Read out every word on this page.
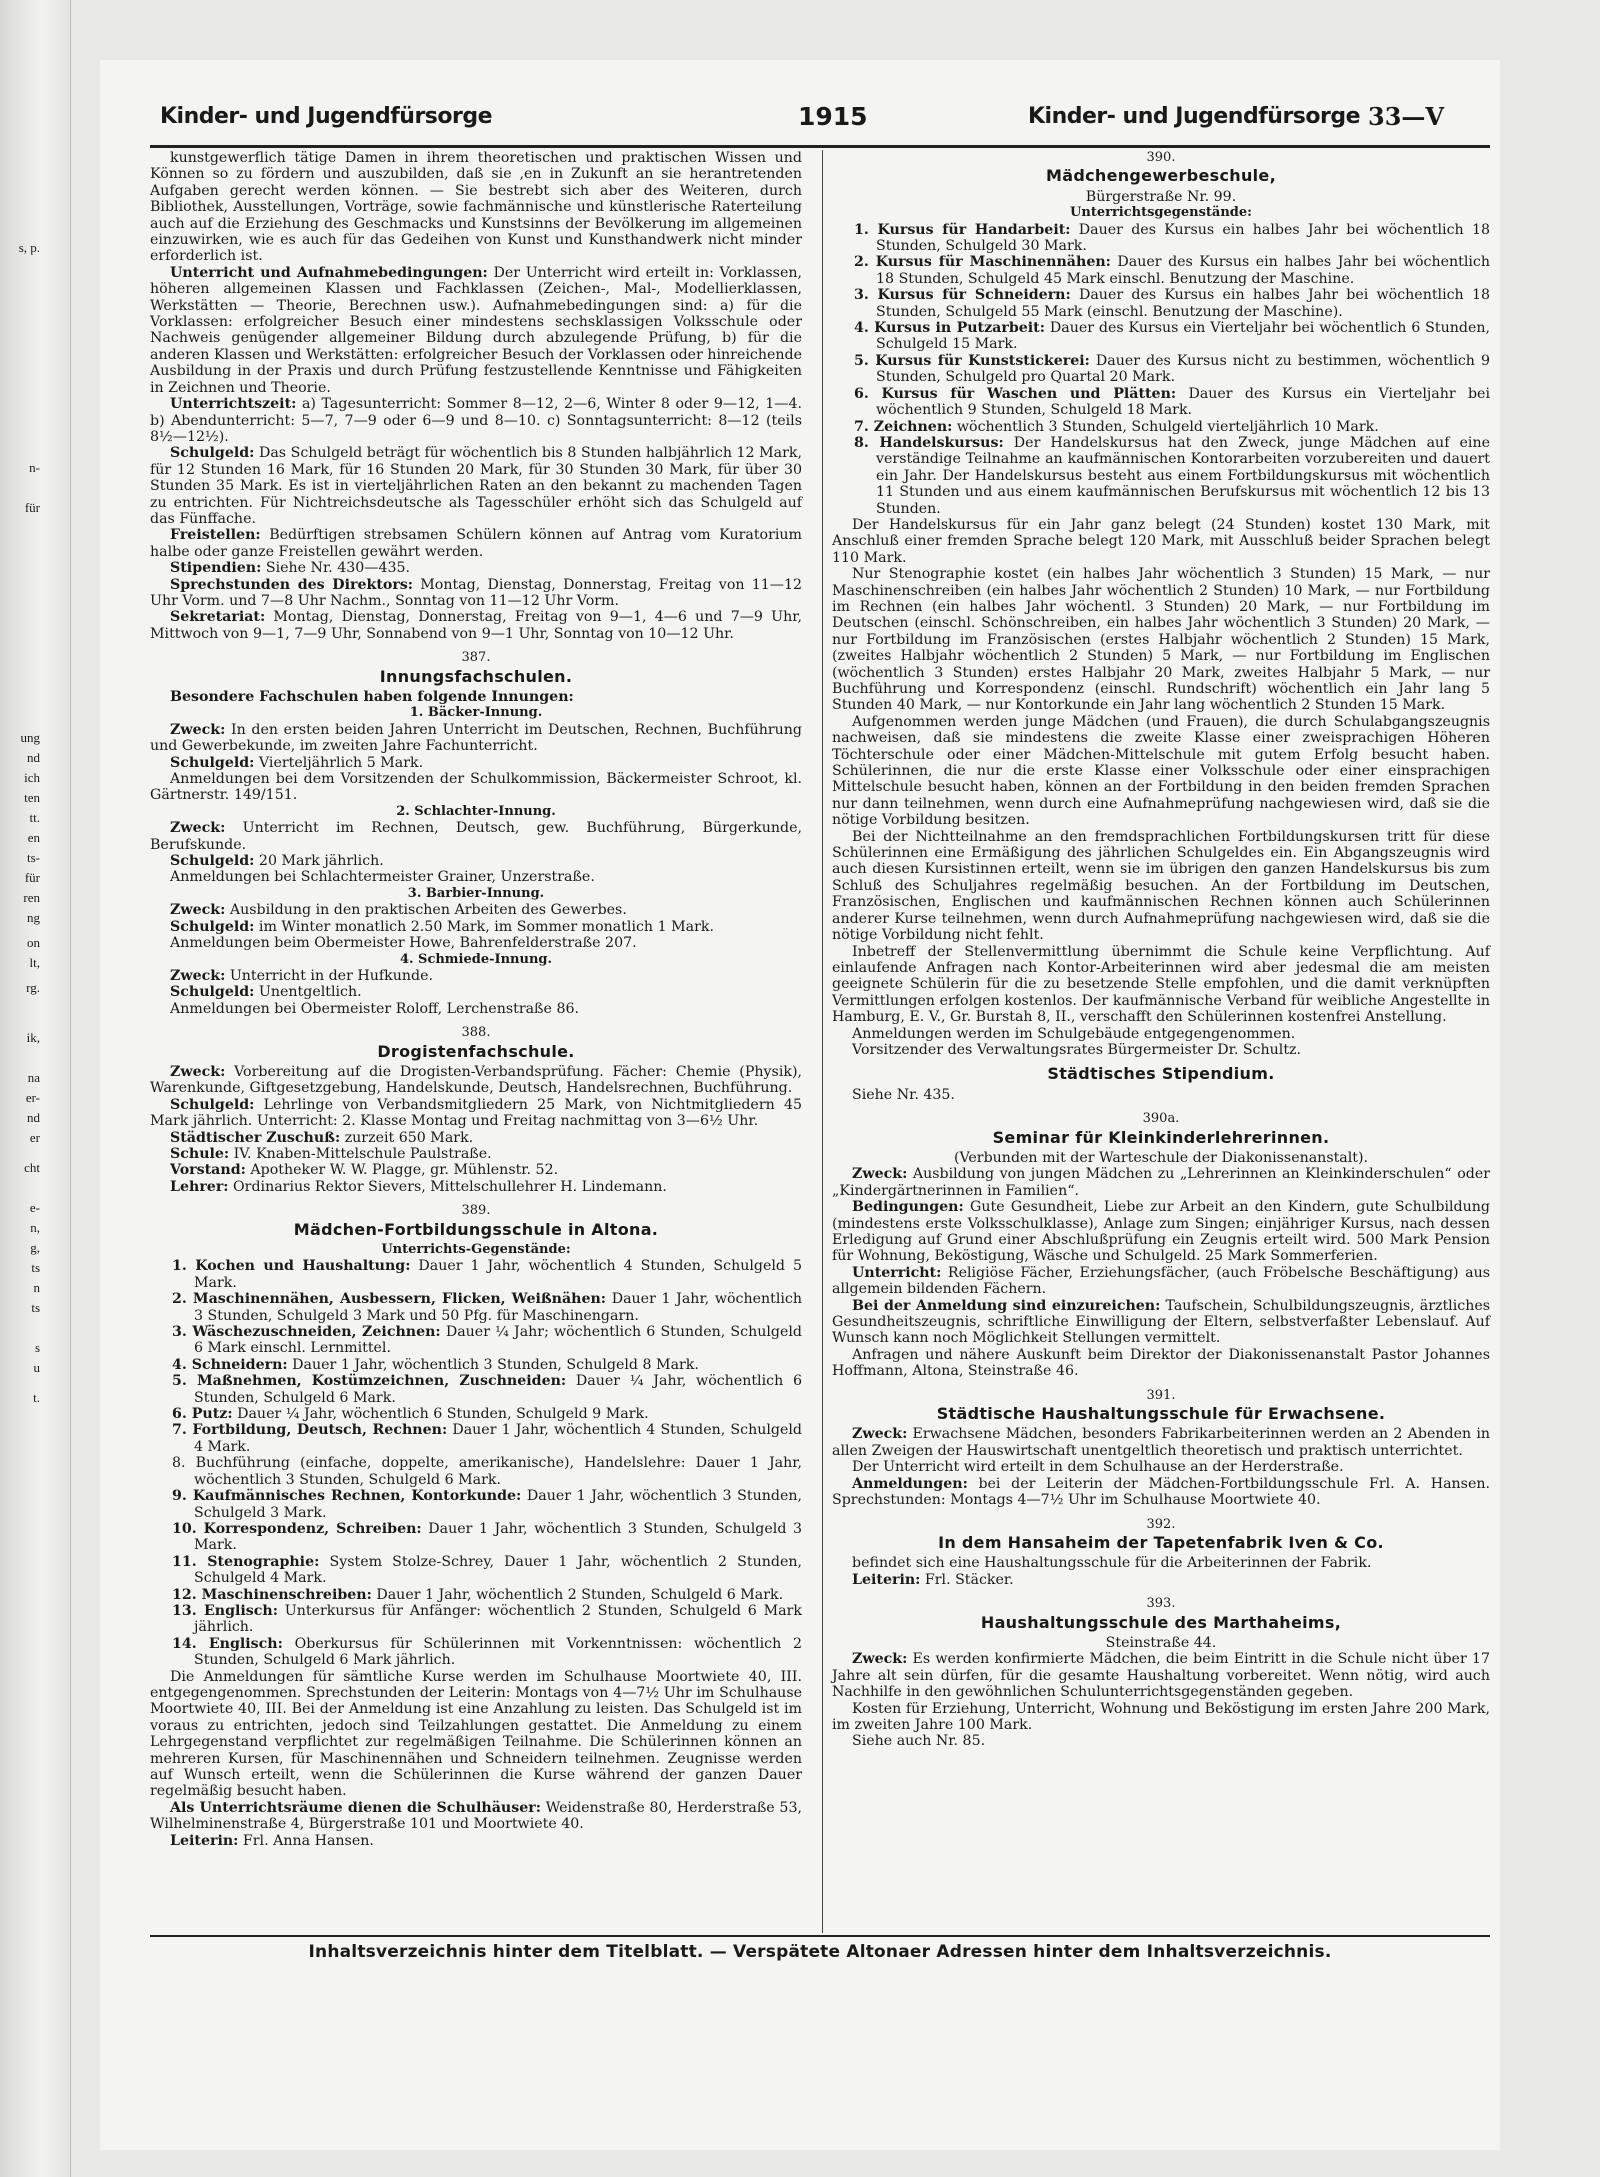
s, p.
n-
für
ung
nd
ich
ten
tt.
en
ts-
für
ren
ng
on
lt,
rg.
ik,
na
er-
nd
er
cht
e-
n,
g,
ts
n
ts
s
u
t.
Kinder- und Jugendfürsorge	1915	Kinder- und Jugendfürsorge 33—V

kunstgewerflich tätige Damen in ihrem theoretischen und praktischen Wissen und Können so zu fördern und auszubilden, daß sie ,en in Zukunft an sie herantretenden Aufgaben gerecht werden können. — Sie bestrebt sich aber des Weiteren, durch Bibliothek, Ausstellungen, Vorträge, sowie fachmännische und künstlerische Raterteilung auch auf die Erziehung des Geschmacks und Kunstsinns der Bevölkerung im allgemeinen einzuwirken, wie es auch für das Gedeihen von Kunst und Kunsthandwerk nicht minder erforderlich ist.

Unterricht und Aufnahmebedingungen: Der Unterricht wird erteilt in: Vorklassen, höheren allgemeinen Klassen und Fachklassen (Zeichen-, Mal-, Modellierklassen, Werkstätten — Theorie, Berechnen usw.). Aufnahmebedingungen sind: a) für die Vorklassen: erfolgreicher Besuch einer mindestens sechsklassigen Volksschule oder Nachweis genügender allgemeiner Bildung durch abzulegende Prüfung, b) für die anderen Klassen und Werkstätten: erfolgreicher Besuch der Vorklassen oder hinreichende Ausbildung in der Praxis und durch Prüfung festzustellende Kenntnisse und Fähigkeiten in Zeichnen und Theorie.

Unterrichtszeit: a) Tagesunterricht: Sommer 8—12, 2—6, Winter 8 oder 9—12, 1—4. b) Abendunterricht: 5—7, 7—9 oder 6—9 und 8—10. c) Sonntagsunterricht: 8—12 (teils 8½—12½).

Schulgeld: Das Schulgeld beträgt für wöchentlich bis 8 Stunden halbjährlich 12 Mark, für 12 Stunden 16 Mark, für 16 Stunden 20 Mark, für 30 Stunden 30 Mark, für über 30 Stunden 35 Mark. Es ist in vierteljährlichen Raten an den bekannt zu machenden Tagen zu entrichten. Für Nichtreichsdeutsche als Tagesschüler erhöht sich das Schulgeld auf das Fünffache.

Freistellen: Bedürftigen strebsamen Schülern können auf Antrag vom Kuratorium halbe oder ganze Freistellen gewährt werden.

Stipendien: Siehe Nr. 430—435.

Sprechstunden des Direktors: Montag, Dienstag, Donnerstag, Freitag von 11—12 Uhr Vorm. und 7—8 Uhr Nachm., Sonntag von 11—12 Uhr Vorm.

Sekretariat: Montag, Dienstag, Donnerstag, Freitag von 9—1, 4—6 und 7—9 Uhr, Mittwoch von 9—1, 7—9 Uhr, Sonnabend von 9—1 Uhr, Sonntag von 10—12 Uhr.

387.
Innungsfachschulen.

Besondere Fachschulen haben folgende Innungen:

1. Bäcker-Innung.

Zweck: In den ersten beiden Jahren Unterricht im Deutschen, Rechnen, Buchführung und Gewerbekunde, im zweiten Jahre Fachunterricht.

Schulgeld: Vierteljährlich 5 Mark.

Anmeldungen bei dem Vorsitzenden der Schulkommission, Bäckermeister Schroot, kl. Gärtnerstr. 149/151.

2. Schlachter-Innung.

Zweck: Unterricht im Rechnen, Deutsch, gew. Buchführung, Bürgerkunde, Berufskunde.

Schulgeld: 20 Mark jährlich.

Anmeldungen bei Schlachtermeister Grainer, Unzerstraße.

3. Barbier-Innung.

Zweck: Ausbildung in den praktischen Arbeiten des Gewerbes.

Schulgeld: im Winter monatlich 2.50 Mark, im Sommer monatlich 1 Mark.

Anmeldungen beim Obermeister Howe, Bahrenfelderstraße 207.

4. Schmiede-Innung.

Zweck: Unterricht in der Hufkunde.

Schulgeld: Unentgeltlich.

Anmeldungen bei Obermeister Roloff, Lerchenstraße 86.

388.
Drogistenfachschule.

Zweck: Vorbereitung auf die Drogisten-Verbandsprüfung. Fächer: Chemie (Physik), Warenkunde, Giftgesetzgebung, Handelskunde, Deutsch, Handelsrechnen, Buchführung.

Schulgeld: Lehrlinge von Verbandsmitgliedern 25 Mark, von Nichtmitgliedern 45 Mark jährlich. Unterricht: 2. Klasse Montag und Freitag nachmittag von 3—6½ Uhr.

Städtischer Zuschuß: zurzeit 650 Mark.

Schule: IV. Knaben-Mittelschule Paulstraße.

Vorstand: Apotheker W. W. Plagge, gr. Mühlenstr. 52.

Lehrer: Ordinarius Rektor Sievers, Mittelschullehrer H. Lindemann.

389.
Mädchen-Fortbildungsschule in Altona.
Unterrichts-Gegenstände:

1. Kochen und Haushaltung: Dauer 1 Jahr, wöchentlich 4 Stunden, Schulgeld 5 Mark.

2. Maschinennähen, Ausbessern, Flicken, Weißnähen: Dauer 1 Jahr, wöchentlich 3 Stunden, Schulgeld 3 Mark und 50 Pfg. für Maschinengarn.

3. Wäschezuschneiden, Zeichnen: Dauer ¼ Jahr; wöchentlich 6 Stunden, Schulgeld 6 Mark einschl. Lernmittel.

4. Schneidern: Dauer 1 Jahr, wöchentlich 3 Stunden, Schulgeld 8 Mark.

5. Maßnehmen, Kostümzeichnen, Zuschneiden: Dauer ¼ Jahr, wöchentlich 6 Stunden, Schulgeld 6 Mark.

6. Putz: Dauer ¼ Jahr, wöchentlich 6 Stunden, Schulgeld 9 Mark.

7. Fortbildung, Deutsch, Rechnen: Dauer 1 Jahr, wöchentlich 4 Stunden, Schulgeld 4 Mark.

8. Buchführung (einfache, doppelte, amerikanische), Handelslehre: Dauer 1 Jahr, wöchentlich 3 Stunden, Schulgeld 6 Mark.

9. Kaufmännisches Rechnen, Kontorkunde: Dauer 1 Jahr, wöchentlich 3 Stunden, Schulgeld 3 Mark.

10. Korrespondenz, Schreiben: Dauer 1 Jahr, wöchentlich 3 Stunden, Schulgeld 3 Mark.

11. Stenographie: System Stolze-Schrey, Dauer 1 Jahr, wöchentlich 2 Stunden, Schulgeld 4 Mark.

12. Maschinenschreiben: Dauer 1 Jahr, wöchentlich 2 Stunden, Schulgeld 6 Mark.

13. Englisch: Unterkursus für Anfänger: wöchentlich 2 Stunden, Schulgeld 6 Mark jährlich.

14. Englisch: Oberkursus für Schülerinnen mit Vorkenntnissen: wöchentlich 2 Stunden, Schulgeld 6 Mark jährlich.

Die Anmeldungen für sämtliche Kurse werden im Schulhause Moortwiete 40, III. entgegengenommen. Sprechstunden der Leiterin: Montags von 4—7½ Uhr im Schulhause Moortwiete 40, III. Bei der Anmeldung ist eine Anzahlung zu leisten. Das Schulgeld ist im voraus zu entrichten, jedoch sind Teilzahlungen gestattet. Die Anmeldung zu einem Lehrgegenstand verpflichtet zur regelmäßigen Teilnahme. Die Schülerinnen können an mehreren Kursen, für Maschinennähen und Schneidern teilnehmen. Zeugnisse werden auf Wunsch erteilt, wenn die Schülerinnen die Kurse während der ganzen Dauer regelmäßig besucht haben.

Als Unterrichtsräume dienen die Schulhäuser: Weidenstraße 80, Herderstraße 53, Wilhelminenstraße 4, Bürgerstraße 101 und Moortwiete 40.

Leiterin: Frl. Anna Hansen.

390.
Mädchengewerbeschule,
Bürgerstraße Nr. 99.
Unterrichtsgegenstände:

1. Kursus für Handarbeit: Dauer des Kursus ein halbes Jahr bei wöchentlich 18 Stunden, Schulgeld 30 Mark.

2. Kursus für Maschinennähen: Dauer des Kursus ein halbes Jahr bei wöchentlich 18 Stunden, Schulgeld 45 Mark einschl. Benutzung der Maschine.

3. Kursus für Schneidern: Dauer des Kursus ein halbes Jahr bei wöchentlich 18 Stunden, Schulgeld 55 Mark (einschl. Benutzung der Maschine).

4. Kursus in Putzarbeit: Dauer des Kursus ein Vierteljahr bei wöchentlich 6 Stunden, Schulgeld 15 Mark.

5. Kursus für Kunststickerei: Dauer des Kursus nicht zu bestimmen, wöchentlich 9 Stunden, Schulgeld pro Quartal 20 Mark.

6. Kursus für Waschen und Plätten: Dauer des Kursus ein Vierteljahr bei wöchentlich 9 Stunden, Schulgeld 18 Mark.

7. Zeichnen: wöchentlich 3 Stunden, Schulgeld vierteljährlich 10 Mark.

8. Handelskursus: Der Handelskursus hat den Zweck, junge Mädchen auf eine verständige Teilnahme an kaufmännischen Kontorarbeiten vorzubereiten und dauert ein Jahr. Der Handelskursus besteht aus einem Fortbildungskursus mit wöchentlich 11 Stunden und aus einem kaufmännischen Berufskursus mit wöchentlich 12 bis 13 Stunden.

Der Handelskursus für ein Jahr ganz belegt (24 Stunden) kostet 130 Mark, mit Anschluß einer fremden Sprache belegt 120 Mark, mit Ausschluß beider Sprachen belegt 110 Mark.

Nur Stenographie kostet (ein halbes Jahr wöchentlich 3 Stunden) 15 Mark, — nur Maschinenschreiben (ein halbes Jahr wöchentlich 2 Stunden) 10 Mark, — nur Fortbildung im Rechnen (ein halbes Jahr wöchentl. 3 Stunden) 20 Mark, — nur Fortbildung im Deutschen (einschl. Schönschreiben, ein halbes Jahr wöchentlich 3 Stunden) 20 Mark, — nur Fortbildung im Französischen (erstes Halbjahr wöchentlich 2 Stunden) 15 Mark, (zweites Halbjahr wöchentlich 2 Stunden) 5 Mark, — nur Fortbildung im Englischen (wöchentlich 3 Stunden) erstes Halbjahr 20 Mark, zweites Halbjahr 5 Mark, — nur Buchführung und Korrespondenz (einschl. Rundschrift) wöchentlich ein Jahr lang 5 Stunden 40 Mark, — nur Kontorkunde ein Jahr lang wöchentlich 2 Stunden 15 Mark.

Aufgenommen werden junge Mädchen (und Frauen), die durch Schulabgangszeugnis nachweisen, daß sie mindestens die zweite Klasse einer zweisprachigen Höheren Töchterschule oder einer Mädchen-Mittelschule mit gutem Erfolg besucht haben. Schülerinnen, die nur die erste Klasse einer Volksschule oder einer einsprachigen Mittelschule besucht haben, können an der Fortbildung in den beiden fremden Sprachen nur dann teilnehmen, wenn durch eine Aufnahmeprüfung nachgewiesen wird, daß sie die nötige Vorbildung besitzen.

Bei der Nichtteilnahme an den fremdsprachlichen Fortbildungskursen tritt für diese Schülerinnen eine Ermäßigung des jährlichen Schulgeldes ein. Ein Abgangszeugnis wird auch diesen Kursistinnen erteilt, wenn sie im übrigen den ganzen Handelskursus bis zum Schluß des Schuljahres regelmäßig besuchen. An der Fortbildung im Deutschen, Französischen, Englischen und kaufmännischen Rechnen können auch Schülerinnen anderer Kurse teilnehmen, wenn durch Aufnahmeprüfung nachgewiesen wird, daß sie die nötige Vorbildung nicht fehlt.

Inbetreff der Stellenvermittlung übernimmt die Schule keine Verpflichtung. Auf einlaufende Anfragen nach Kontor-Arbeiterinnen wird aber jedesmal die am meisten geeignete Schülerin für die zu besetzende Stelle empfohlen, und die damit verknüpften Vermittlungen erfolgen kostenlos. Der kaufmännische Verband für weibliche Angestellte in Hamburg, E. V., Gr. Burstah 8, II., verschafft den Schülerinnen kostenfrei Anstellung.

Anmeldungen werden im Schulgebäude entgegengenommen.

Vorsitzender des Verwaltungsrates Bürgermeister Dr. Schultz.

Städtisches Stipendium.

Siehe Nr. 435.

390a.
Seminar für Kleinkinderlehrerinnen.
(Verbunden mit der Warteschule der Diakonissenanstalt).

Zweck: Ausbildung von jungen Mädchen zu „Lehrerinnen an Kleinkinderschulen“ oder „Kindergärtnerinnen in Familien“.

Bedingungen: Gute Gesundheit, Liebe zur Arbeit an den Kindern, gute Schulbildung (mindestens erste Volksschulklasse), Anlage zum Singen; einjähriger Kursus, nach dessen Erledigung auf Grund einer Abschlußprüfung ein Zeugnis erteilt wird. 500 Mark Pension für Wohnung, Beköstigung, Wäsche und Schulgeld. 25 Mark Sommerferien.

Unterricht: Religiöse Fächer, Erziehungsfächer, (auch Fröbelsche Beschäftigung) aus allgemein bildenden Fächern.

Bei der Anmeldung sind einzureichen: Taufschein, Schulbildungszeugnis, ärztliches Gesundheitszeugnis, schriftliche Einwilligung der Eltern, selbstverfaßter Lebenslauf. Auf Wunsch kann noch Möglichkeit Stellungen vermittelt.

Anfragen und nähere Auskunft beim Direktor der Diakonissenanstalt Pastor Johannes Hoffmann, Altona, Steinstraße 46.

391.
Städtische Haushaltungsschule für Erwachsene.

Zweck: Erwachsene Mädchen, besonders Fabrikarbeiterinnen werden an 2 Abenden in allen Zweigen der Hauswirtschaft unentgeltlich theoretisch und praktisch unterrichtet.

Der Unterricht wird erteilt in dem Schulhause an der Herderstraße.

Anmeldungen: bei der Leiterin der Mädchen-Fortbildungsschule Frl. A. Hansen. Sprechstunden: Montags 4—7½ Uhr im Schulhause Moortwiete 40.

392.
In dem Hansaheim der Tapetenfabrik Iven & Co.

befindet sich eine Haushaltungsschule für die Arbeiterinnen der Fabrik.

Leiterin: Frl. Stäcker.

393.
Haushaltungsschule des Marthaheims,
Steinstraße 44.

Zweck: Es werden konfirmierte Mädchen, die beim Eintritt in die Schule nicht über 17 Jahre alt sein dürfen, für die gesamte Haushaltung vorbereitet. Wenn nötig, wird auch Nachhilfe in den gewöhnlichen Schulunterrichtsgegenständen gegeben.

Kosten für Erziehung, Unterricht, Wohnung und Beköstigung im ersten Jahre 200 Mark, im zweiten Jahre 100 Mark.

Siehe auch Nr. 85.

Inhaltsverzeichnis hinter dem Titelblatt. — Verspätete Altonaer Adressen hinter dem Inhaltsverzeichnis.
